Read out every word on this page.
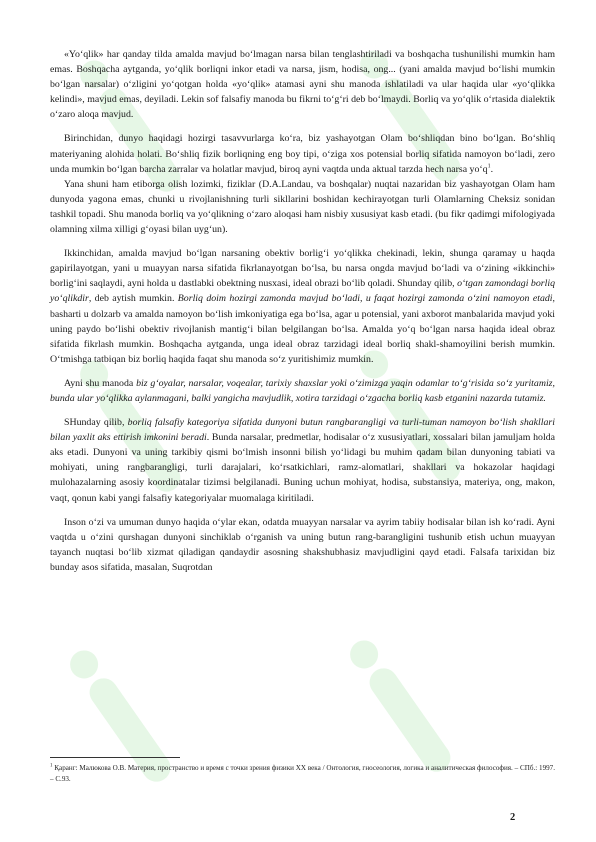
«Yo‘qlik» har qanday tilda amalda mavjud bo‘lmagan narsa bilan tenglashtiriladi va boshqacha tushunilishi mumkin ham emas. Boshqacha aytganda, yo‘qlik borliqni inkor etadi va narsa, jism, hodisa, ong... (yani amalda mavjud bo‘lishi mumkin bo‘lgan narsalar) o‘zligini yo‘qotgan holda «yo‘qlik» atamasi ayni shu manoda ishlatiladi va ular haqida ular «yo‘qlikka kelindi», mavjud emas, deyiladi. Lekin sof falsafiy manoda bu fikrni to‘g‘ri deb bo‘lmaydi. Borliq va yo‘qlik o‘rtasida dialektik o‘zaro aloqa mavjud.

Birinchidan, dunyo haqidagi hozirgi tasavvurlarga ko‘ra, biz yashayotgan Olam bo‘shliqdan bino bo‘lgan. Bo‘shliq materiyaning alohida holati. Bo‘shliq fizik borliqning eng boy tipi, o‘ziga xos potensial borliq sifatida namoyon bo‘ladi, zero unda mumkin bo‘lgan barcha zarralar va holatlar mavjud, biroq ayni vaqtda unda aktual tarzda hech narsa $yo‘q^1$.

Yana shuni ham etiborga olish lozimki, fiziklar (D.A.Landau, va boshqalar) nuqtai nazaridan biz yashayotgan Olam ham dunyoda yagona emas, chunki u rivojlanishning turli sikllarini boshidan kechirayotgan turli Olamlarning Cheksiz sonidan tashkil topadi. Shu manoda borliq va yo‘qlikning o‘zaro aloqasi ham nisbiy xususiyat kasb etadi. (bu fikr qadimgi mifologiyada olamning xilma xilligi g‘oyasi bilan uyg‘un).

Ikkinchidan, amalda mavjud bo‘lgan narsaning obektiv borlig‘i yo‘qlikka chekinadi, lekin, shunga qaramay u haqda gapirilayotgan, yani u muayyan narsa sifatida fikrlanayotgan bo‘lsa, bu narsa ongda mavjud bo‘ladi va o‘zining «ikkinchi» borlig‘ini saqlaydi, ayni holda u dastlabki obektning nusxasi, ideal obrazi bo‘lib qoladi. Shunday qilib, o‘tgan zamondagi borliq yo‘qlikdir, deb aytish mumkin. Borliq doim hozirgi zamonda mavjud bo‘ladi, u faqat hozirgi zamonda o‘zini namoyon etadi, basharti u dolzarb va amalda namoyon bo‘lish imkoniyatiga ega bo‘lsa, agar u potensial, yani axborot manbalarida mavjud yoki uning paydo bo‘lishi obektiv rivojlanish mantig‘i bilan belgilangan bo‘lsa. Amalda yo‘q bo‘lgan narsa haqida ideal obraz sifatida fikrlash mumkin. Boshqacha aytganda, unga ideal obraz tarzidagi ideal borliq shakl-shamoyilini berish mumkin. O‘tmishga tatbiqan biz borliq haqida faqat shu manoda so‘z yuritishimiz mumkin.

Ayni shu manoda biz g‘oyalar, narsalar, voqealar, tarixiy shaxslar yoki o‘zimizga yaqin odamlar to‘g‘risida so‘z yuritamiz, bunda ular yo‘qlikka aylanmagani, balki yangicha mavjudlik, xotira tarzidagi o‘zgacha borliq kasb etganini nazarda tutamiz.

SHunday qilib, borliq falsafiy kategoriya sifatida dunyoni butun rangbarangligi va turli-tuman namoyon bo‘lish shakllari bilan yaxlit aks ettirish imkonini beradi. Bunda narsalar, predmetlar, hodisalar o‘z xususiyatlari, xossalari bilan jamuljam holda aks etadi. Dunyoni va uning tarkibiy qismi bo‘lmish insonni bilish yo‘lidagi bu muhim qadam bilan dunyoning tabiati va mohiyati, uning rangbarangligi, turli darajalari, ko‘rsatkichlari, ramz-alomatlari, shakllari va hokazolar haqidagi mulohazalarning asosiy koordinatalar tizimsi belgilanadi. Buning uchun mohiyat, hodisa, substansiya, materiya, ong, makon, vaqt, qonun kabi yangi falsafiy kategoriyalar muomalaga kiritiladi.

Inson o‘zi va umuman dunyo haqida o‘ylar ekan, odatda muayyan narsalar va ayrim tabiiy hodisalar bilan ish ko‘radi. Ayni vaqtda u o‘zini qurshagan dunyoni sinchiklab o‘rganish va uning butun rang-barangligini tushunib etish uchun muayyan tayanch nuqtasi bo‘lib xizmat qiladigan qandaydir asosning shakshubhasiz mavjudligini qayd etadi. Falsafa tarixidan biz bunday asos sifatida, masalan, Suqrotdan

$^1$ Қаранг: Малюкова О.В. Материя, пространство и время с точки зрения физики XX века / Онтология, гносеология, логика и аналитическая философия. – СПб.: 1997. – С.93.
2
